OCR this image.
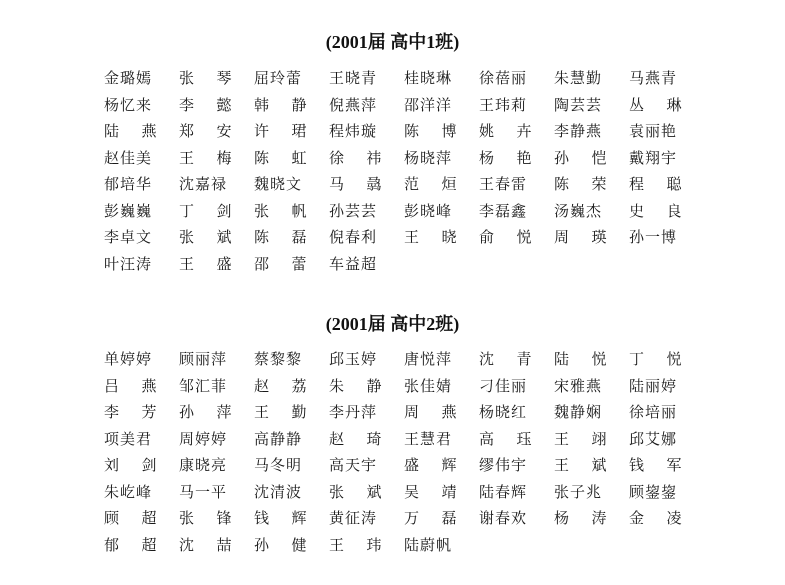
(2001届 高中1班)
金璐嫣	张  琴	屈玲蕾	王晓青	桂晓琳	徐蓓丽	朱慧勤	马燕青
杨忆来	李  懿	韩  静	倪燕萍	邵洋洋	王玮莉	陶芸芸	丛  琳
陆  燕	郑  安	许  珺	程炜璇	陈  博	姚  卉	李静燕	袁丽艳
赵佳美	王  梅	陈  虹	徐  祎	杨晓萍	杨  艳	孙  恺	戴翔宇
郁培华	沈嘉禄	魏晓文	马  骉	范  烜	王春雷	陈  荣	程  聪
彭巍巍	丁  剑	张  帆	孙芸芸	彭晓峰	李磊鑫	汤巍杰	史  良
李卓文	张  斌	陈  磊	倪春利	王  晓	俞  悦	周  瑛	孙一博
叶汪涛	王  盛	邵  蕾	车益超
(2001届 高中2班)
单婷婷	顾丽萍	蔡黎黎	邱玉婷	唐悦萍	沈  青	陆  悦	丁  悦
吕  燕	邹汇菲	赵  荔	朱  静	张佳婧	刁佳丽	宋雅燕	陆丽婷
李  芳	孙  萍	王  勤	李丹萍	周  燕	杨晓红	魏静娴	徐培丽
项美君	周婷婷	高静静	赵  琦	王慧君	高  珏	王  翊	邱艾娜
刘  剑	康晓亮	马冬明	高天宇	盛  辉	缪伟宇	王  斌	钱  军
朱屹峰	马一平	沈清波	张  斌	吴  靖	陆春辉	张子兆	顾鋆鋆
顾  超	张  锋	钱  辉	黄征涛	万  磊	谢春欢	杨  涛	金  凌
郁  超	沈  喆	孙  健	王  玮	陆蔚帆
